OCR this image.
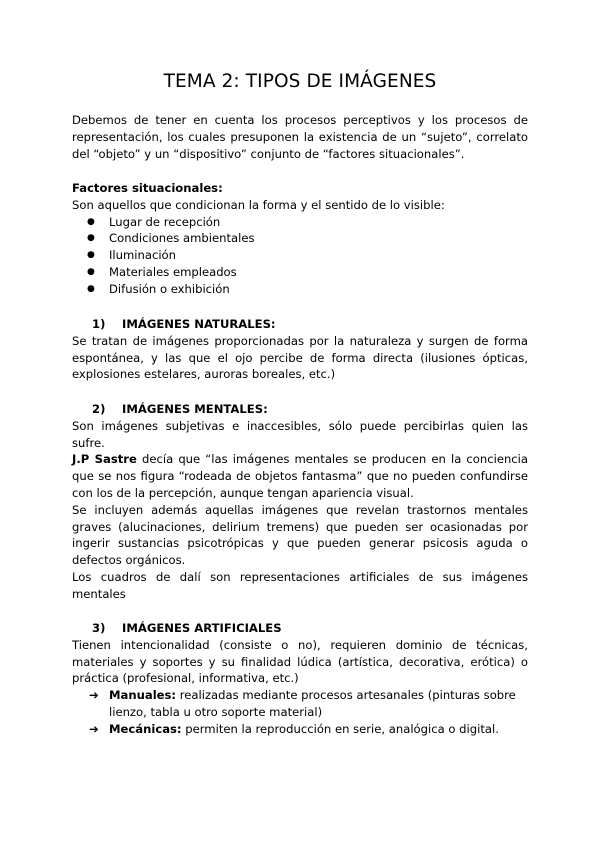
TEMA 2: TIPOS DE IMÁGENES

Debemos de tener en cuenta los procesos perceptivos y los procesos de representación, los cuales presuponen la existencia de un “sujeto”, correlato del “objeto” y un “dispositivo” conjunto de “factores situacionales”.

Factores situacionales:

Son aquellos que condicionan la forma y el sentido de lo visible:

● Lugar de recepción
● Condiciones ambientales
● Iluminación
● Materiales empleados
● Difusión o exhibición

1) IMÁGENES NATURALES:

Se tratan de imágenes proporcionadas por la naturaleza y surgen de forma espontánea, y las que el ojo percibe de forma directa (ilusiones ópticas, explosiones estelares, auroras boreales, etc.)

2) IMÁGENES MENTALES:

Son imágenes subjetivas e inaccesibles, sólo puede percibirlas quien las sufre.

J.P Sastre decía que “las imágenes mentales se producen en la conciencia que se nos figura “rodeada de objetos fantasma” que no pueden confundirse con los de la percepción, aunque tengan apariencia visual.

Se incluyen además aquellas imágenes que revelan trastornos mentales graves (alucinaciones, delirium tremens) que pueden ser ocasionadas por ingerir sustancias psicotrópicas y que pueden generar psicosis aguda o defectos orgánicos.

Los cuadros de dalí son representaciones artificiales de sus imágenes mentales

3) IMÁGENES ARTIFICIALES

Tienen intencionalidad (consiste o no), requieren dominio de técnicas, materiales y soportes y su finalidad lúdica (artística, decorativa, erótica) o práctica (profesional, informativa, etc.)

➔ Manuales: realizadas mediante procesos artesanales (pinturas sobre lienzo, tabla u otro soporte material)
➔ Mecánicas: permiten la reproducción en serie, analógica o digital.
